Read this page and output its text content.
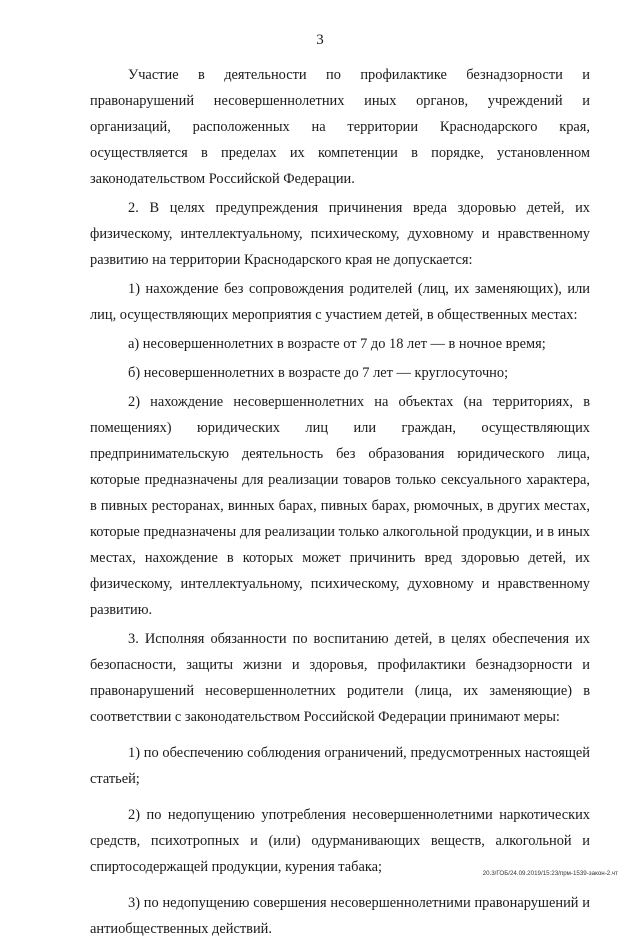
3

Участие в деятельности по профилактике безнадзорности и правонарушений несовершеннолетних иных органов, учреждений и организаций, расположенных на территории Краснодарского края, осуществляется в пределах их компетенции в порядке, установленном законодательством Российской Федерации.

2. В целях предупреждения причинения вреда здоровью детей, их физическому, интеллектуальному, психическому, духовному и нравственному развитию на территории Краснодарского края не допускается:

1) нахождение без сопровождения родителей (лиц, их заменяющих), или лиц, осуществляющих мероприятия с участием детей, в общественных местах:

а) несовершеннолетних в возрасте от 7 до 18 лет — в ночное время;

б) несовершеннолетних в возрасте до 7 лет — круглосуточно;

2) нахождение несовершеннолетних на объектах (на территориях, в помещениях) юридических лиц или граждан, осуществляющих предпринимательскую деятельность без образования юридического лица, которые предназначены для реализации товаров только сексуального характера, в пивных ресторанах, винных барах, пивных барах, рюмочных, в других местах, которые предназначены для реализации только алкогольной продукции, и в иных местах, нахождение в которых может причинить вред здоровью детей, их физическому, интеллектуальному, психическому, духовному и нравственному развитию.

3. Исполняя обязанности по воспитанию детей, в целях обеспечения их безопасности, защиты жизни и здоровья, профилактики безнадзорности и правонарушений несовершеннолетних родители (лица, их заменяющие) в соответствии с законодательством Российской Федерации принимают меры:

1) по обеспечению соблюдения ограничений, предусмотренных настоящей статьей;

2) по недопущению употребления несовершеннолетними наркотических средств, психотропных и (или) одурманивающих веществ, алкогольной и спиртосодержащей продукции, курения табака;

3) по недопущению совершения несовершеннолетними правонарушений и антиобщественных действий.

20.3/ГОБ/24.09.2019/15:23/прм-1539-закон-2.чт
